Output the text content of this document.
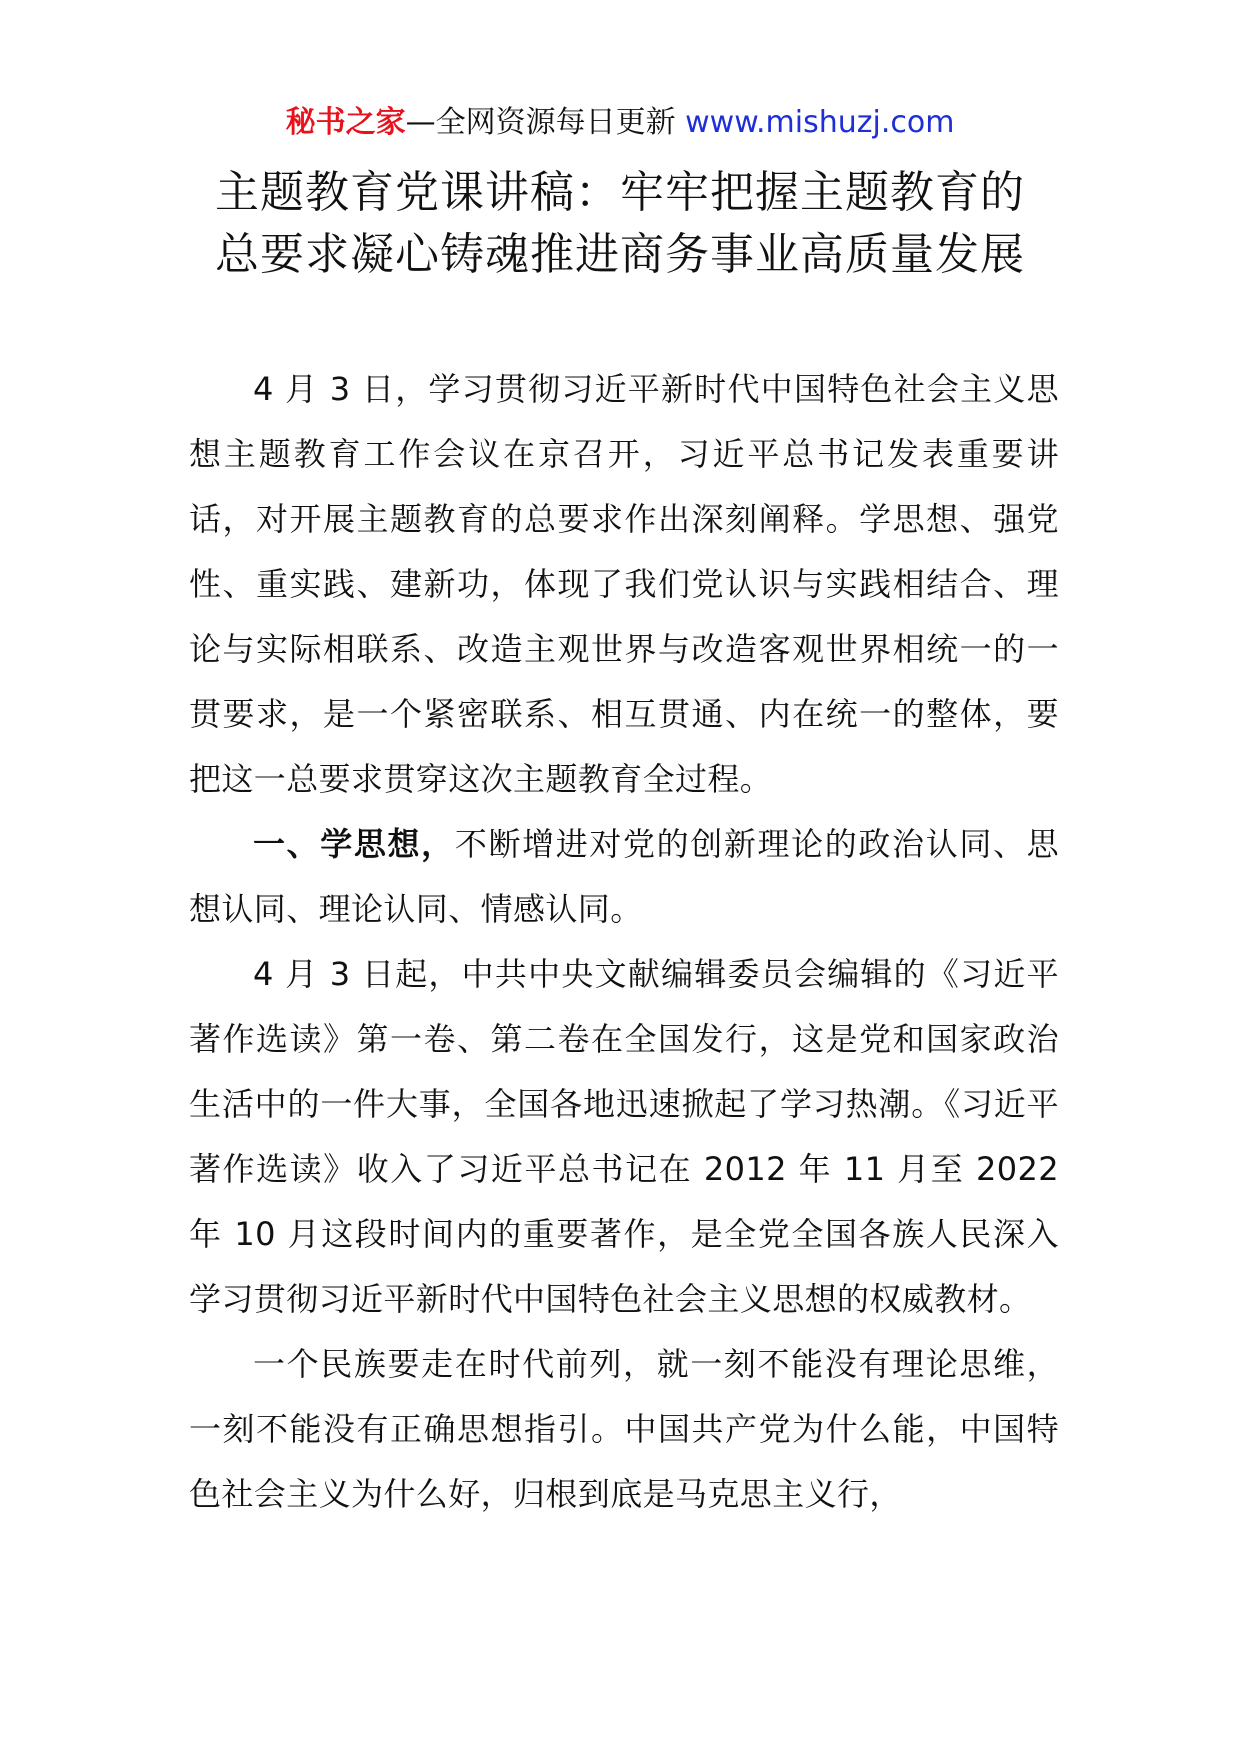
秘书之家—全网资源每日更新 www.mishuzj.com
主题教育党课讲稿：牢牢把握主题教育的
总要求凝心铸魂推进商务事业高质量发展

4 月 3 日，学习贯彻习近平新时代中国特色社会主义思想主题教育工作会议在京召开，习近平总书记发表重要讲话，对开展主题教育的总要求作出深刻阐释。学思想、强党性、重实践、建新功，体现了我们党认识与实践相结合、理论与实际相联系、改造主观世界与改造客观世界相统一的一贯要求，是一个紧密联系、相互贯通、内在统一的整体，要把这一总要求贯穿这次主题教育全过程。

一、学思想，不断增进对党的创新理论的政治认同、思想认同、理论认同、情感认同。

4 月 3 日起，中共中央文献编辑委员会编辑的《习近平著作选读》第一卷、第二卷在全国发行，这是党和国家政治生活中的一件大事，全国各地迅速掀起了学习热潮。《习近平著作选读》收入了习近平总书记在 2012 年 11 月至 2022 年 10 月这段时间内的重要著作，是全党全国各族人民深入学习贯彻习近平新时代中国特色社会主义思想的权威教材。

一个民族要走在时代前列，就一刻不能没有理论思维，一刻不能没有正确思想指引。中国共产党为什么能，中国特色社会主义为什么好，归根到底是马克思主义行，
